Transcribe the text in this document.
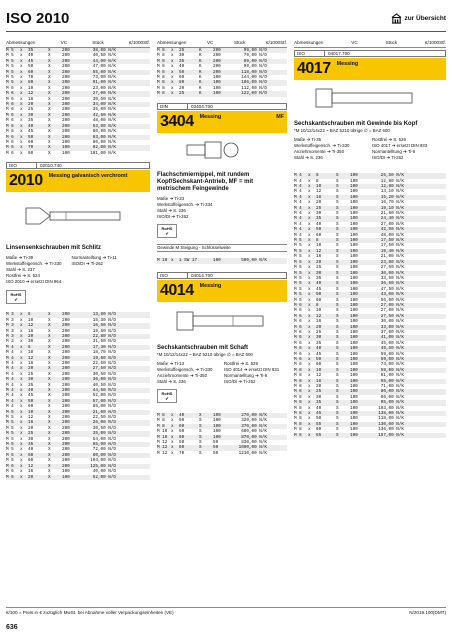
ISO 2010	zur Übersicht
Abmessungen	VC	Stück	€/1000Stf.
M 5	x	35	X	200	38,00 N/K
M 5	x	40	X	200	40,50 N/K
M 5	x	45	X	200	44,00 N/K
M 5	x	50	X	200	47,00 N/K
M 5	x	60	X	200	55,00 N/K
M 5	x	70	X	200	73,00 N/K
M 5	x	80	X	200	91,00 N/K
M 6	x	10	X	200	23,00 N/K
M 6	x	12	X	200	27,00 N/K
M 6	x	16	X	200	30,50 N/K
M 6	x	20	X	200	34,00 N/K
M 6	x	25	X	200	35,00 N/K
M 6	x	30	X	200	42,50 N/K
M 6	x	35	X	200	48,00 N/K
M 6	x	40	X	200	53,00 N/K
M 6	x	45	X	200	60,00 N/K
M 6	x	50	X	200	63,00 N/K
M 6	x	60	X	200	80,00 N/K
M 6	x	70	X	100	92,00 N/K
M 6	x	80	X	100	101,00 N/K
ISO	02010.740
2010	Messing galvanisch verchromt
Linsensenkschrauben mit Schlitz
Maße ➔ Ti-39
Werkstoffeigensch. ➔ Ti-330
Stahl ➔ S. 237
Rostfrei ➔ S. 524
ISO 2010 ➔ ersetzt DIN 964
Normantelltung ➔ Ti-11
ISO/DI ➔ Ti-262
RoHS
✔
M 3	x	8	X	200	13,80 N/D
M 3	x	10	X	200	15,30 N/D
M 3	x	12	X	200	16,50 N/D
M 3	x	16	X	200	19,60 N/D
M 3	x	20	X	200	22,80 N/D
M 3	x	30	X	200	31,50 N/D
M 4	x	8	X	200	17,30 N/D
M 4	x	10	X	200	18,70 N/D
M 4	x	12	X	200	19,60 N/D
M 4	x	16	X	200	22,60 N/D
M 4	x	20	X	200	27,50 N/D
M 4	x	25	X	200	30,50 N/D
M 4	x	30	X	200	36,00 N/D
M 4	x	35	X	200	40,50 N/D
M 4	x	40	X	200	44,50 N/D
M 4	x	45	X	200	52,00 N/D
M 4	x	50	X	200	57,00 N/D
M 4	x	60	X	200	85,00 N/D
M 5	x	10	X	200	21,00 N/D
M 5	x	12	X	200	22,50 N/D
M 5	x	16	X	200	26,00 N/D
M 5	x	20	X	200	30,50 N/D
M 5	x	25	X	200	35,00 N/D
M 5	x	30	X	200	54,00 N/D
M 5	x	35	X	200	65,00 N/D
M 5	x	40	X	200	72,00 N/D
M 5	x	50	X	200	80,00 N/D
M 5	x	60	X	200	104,00 N/D
M 6	x	12	X	200	125,00 N/D
M 6	x	16	X	100	40,00 N/D
M 6	x	20	X	100	52,00 N/D
Abmessungen	VC	Stück	€/1000Stf.
M 8	x	25	K	200	99,00 N/D
M 8	x	30	K	200	79,00 N/D
M 8	x	35	K	200	89,00 N/D
M 8	x	40	K	200	99,00 N/D
M 8	x	50	K	200	118,00 N/D
M 8	x	60	K	100	144,00 N/D
M 8	x	80	K	100	186,00 N/D
M 8	x	20	K	100	112,00 N/D
M 8	x	25	K	100	122,00 N/D
DIN	03404.700
3404	Messing	MF
Flachschmiernippel, mit rundem Kopf/Sechskant-Antrieb, MF = mit metrischem Feingewinde
Maße ➔ Ti-23
Werkstoffeigensch. ➔ Ti-334
Stahl ➔ S. 236
ISO/DI ➔ Ti-262
RoHS
✔
Gewinde M Steigung - Schlüsselweite
M 10 x	1 SW 17	100	590,00 N/K
ISO	04014.700
4014	Messing
Sechskantschrauben mit Schaft
*M 10/12/14x22 ~ BAZ 5210 übrige ∅ = BAZ 600
Maße ➔ Ti-13
Werkstoffeigensch. ➔ Ti-330
Anziehmomente ➔ Ti-350
Stahl ➔ S. 236
Rostfrei ➔ S. 529
ISO 4014 ➔ ersetzt DIN 931
Normantelltung ➔ Ti-6
ISO/DI ➔ Ti-262
RoHS
✔
M 8	x	40	X	100	270,00 N/K
M 8	x	50	S	100	320,00 N/K
M 8	x	60	S	100	370,00 N/K
M 10 x	50	S	100	680,00 N/K
M 10 x	60	S	100	870,00 N/K
M 12 x	50	S	50	830,00 N/K
M 12 x	60	S	50	1090,00 N/K
M 12 x	70	S	50	1210,00 N/K
Abmessungen	VC	Stück	€/1000Stf.
ISO	04017.700
4017	Messing
Sechskantschrauben mit Gewinde bis Kopf
*M 10/12/14x22 ~ BAZ 5210 übrige ∅ = BAZ 600
Maße ➔ Ti-35
Werkstoffeigensch. ➔ Ti-330
Anziehmomente ➔ Ti-350
Stahl ➔ S. 236
Rostfrei ➔ S. 526
ISO 4017 ➔ ersetzt DIN 933
Normantelltung ➔ Ti-6
ISO/DI ➔ Ti-262
M 4	x	6	S	100	25,50 N/K
M 4	x	8	S	100	12,80 N/K
M 4	x	10	S	100	12,80 N/K
M 4	x	12	S	100	14,10 N/K
M 4	x	16	S	100	15,20 N/K
M 4	x	20	S	100	16,70 N/K
M 4	x	25	S	100	19,10 N/K
M 4	x	30	S	100	21,80 N/K
M 4	x	35	S	100	24,40 N/K
M 4	x	40	S	100	27,00 N/K
M 4	x	50	S	100	42,50 N/K
M 4	x	60	S	100	48,00 N/K
M 5	x	8	S	100	17,50 N/K
M 5	x	10	S	100	17,50 N/K
M 5	x	12	S	100	19,40 N/K
M 5	x	16	S	100	21,00 N/K
M 5	x	20	S	100	23,80 N/K
M 5	x	25	S	100	27,50 N/K
M 5	x	30	S	100	30,00 N/K
M 5	x	35	S	100	33,50 N/K
M 5	x	40	S	100	36,50 N/K
M 5	x	45	S	100	47,50 N/K
M 5	x	50	S	100	43,00 N/K
M 5	x	60	S	100	56,00 N/K
M 6	x	8	S	100	27,00 N/K
M 6	x	10	S	100	27,00 N/K
M 6	x	12	S	100	27,50 N/K
M 6	x	16	S	100	30,00 N/K
M 6	x	20	S	100	33,00 N/K
M 6	x	25	S	100	37,00 N/K
M 6	x	30	S	100	41,00 N/K
M 6	x	35	S	100	45,00 N/K
M 6	x	40	S	100	49,50 N/K
M 6	x	45	S	100	59,00 N/K
M 6	x	50	S	100	59,00 N/K
M 6	x	60	S	100	74,00 N/K
M 8	x	10	S	100	59,00 N/K
M 8	x	12	S	100	61,00 N/K
M 8	x	16	S	100	65,00 N/K
M 8	x	20	S	100	71,00 N/K
M 8	x	25	S	100	80,00 N/K
M 8	x	30	S	100	86,00 N/K
M 8	x	35	S	100	95,00 N/K
M 8	x	40	S	100	103,00 N/K
M 8	x	45	S	100	138,00 N/K
M 8	x	50	S	100	118,00 N/K
M 8	x	55	S	100	130,00 N/K
M 8	x	60	S	100	136,00 N/K
M 8	x	65	S	100	157,00 N/K
€/100 = Preis in € zuzüglich MwSt. bei Abnahme voller Verpackungseinheiten (VE)	N/2019.100(DMT)
636
